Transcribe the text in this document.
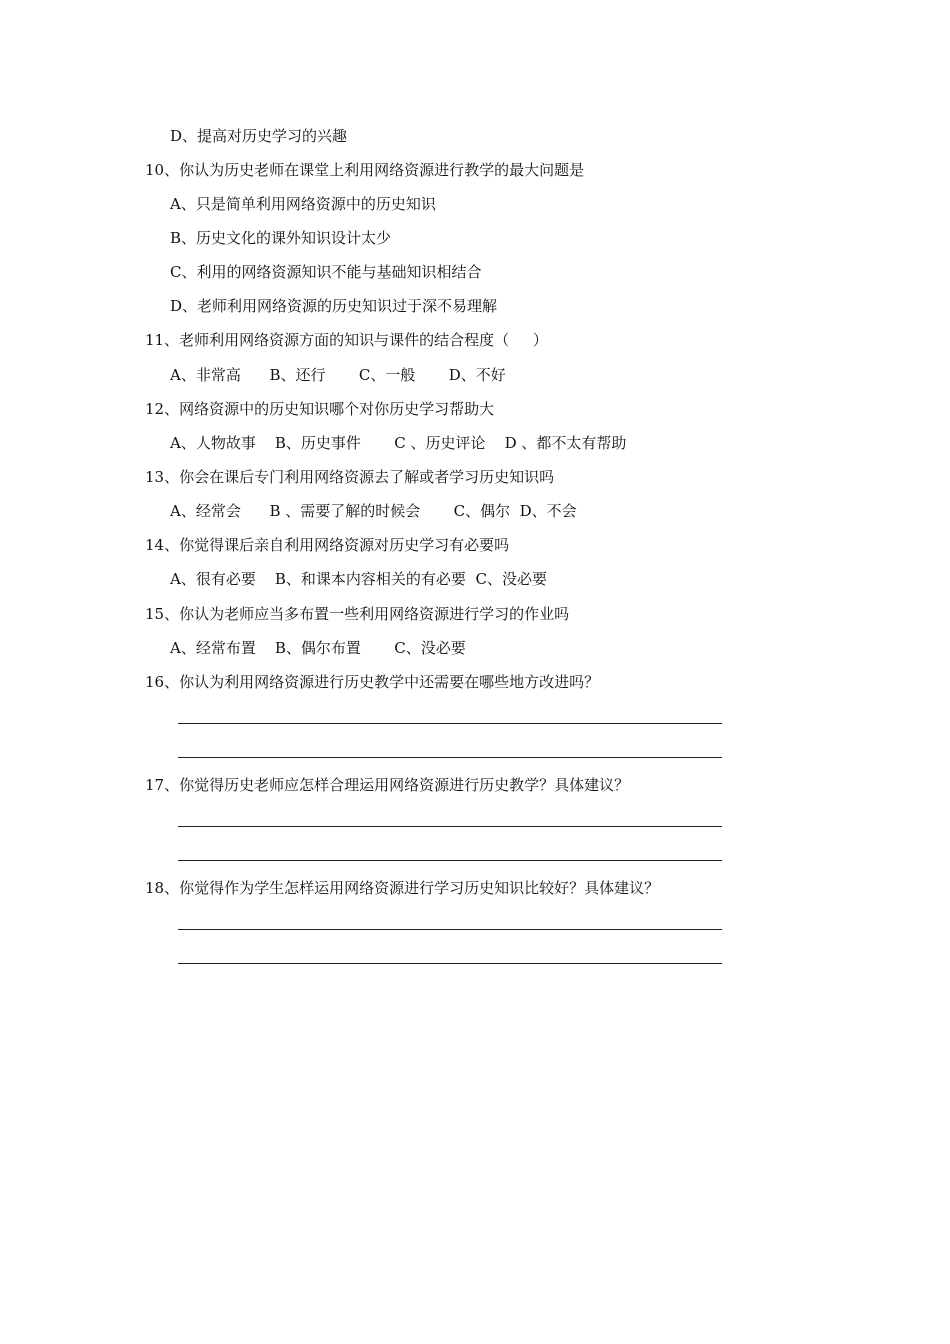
D、提高对历史学习的兴趣
10、你认为历史老师在课堂上利用网络资源进行教学的最大问题是
A、只是简单利用网络资源中的历史知识
B、历史文化的课外知识设计太少
C、利用的网络资源知识不能与基础知识相结合
D、老师利用网络资源的历史知识过于深不易理解
11、老师利用网络资源方面的知识与课件的结合程度（     ）
A、非常高      B、还行       C、一般       D、不好
12、网络资源中的历史知识哪个对你历史学习帮助大
A、人物故事    B、历史事件       C 、历史评论    D 、都不太有帮助
13、你会在课后专门利用网络资源去了解或者学习历史知识吗
A、经常会      B 、需要了解的时候会       C、偶尔  D、不会
14、你觉得课后亲自利用网络资源对历史学习有必要吗
A、很有必要    B、和课本内容相关的有必要  C、没必要
15、你认为老师应当多布置一些利用网络资源进行学习的作业吗
A、经常布置    B、偶尔布置       C、没必要
16、你认为利用网络资源进行历史教学中还需要在哪些地方改进吗？
17、你觉得历史老师应怎样合理运用网络资源进行历史教学？具体建议？
18、你觉得作为学生怎样运用网络资源进行学习历史知识比较好？具体建议？
